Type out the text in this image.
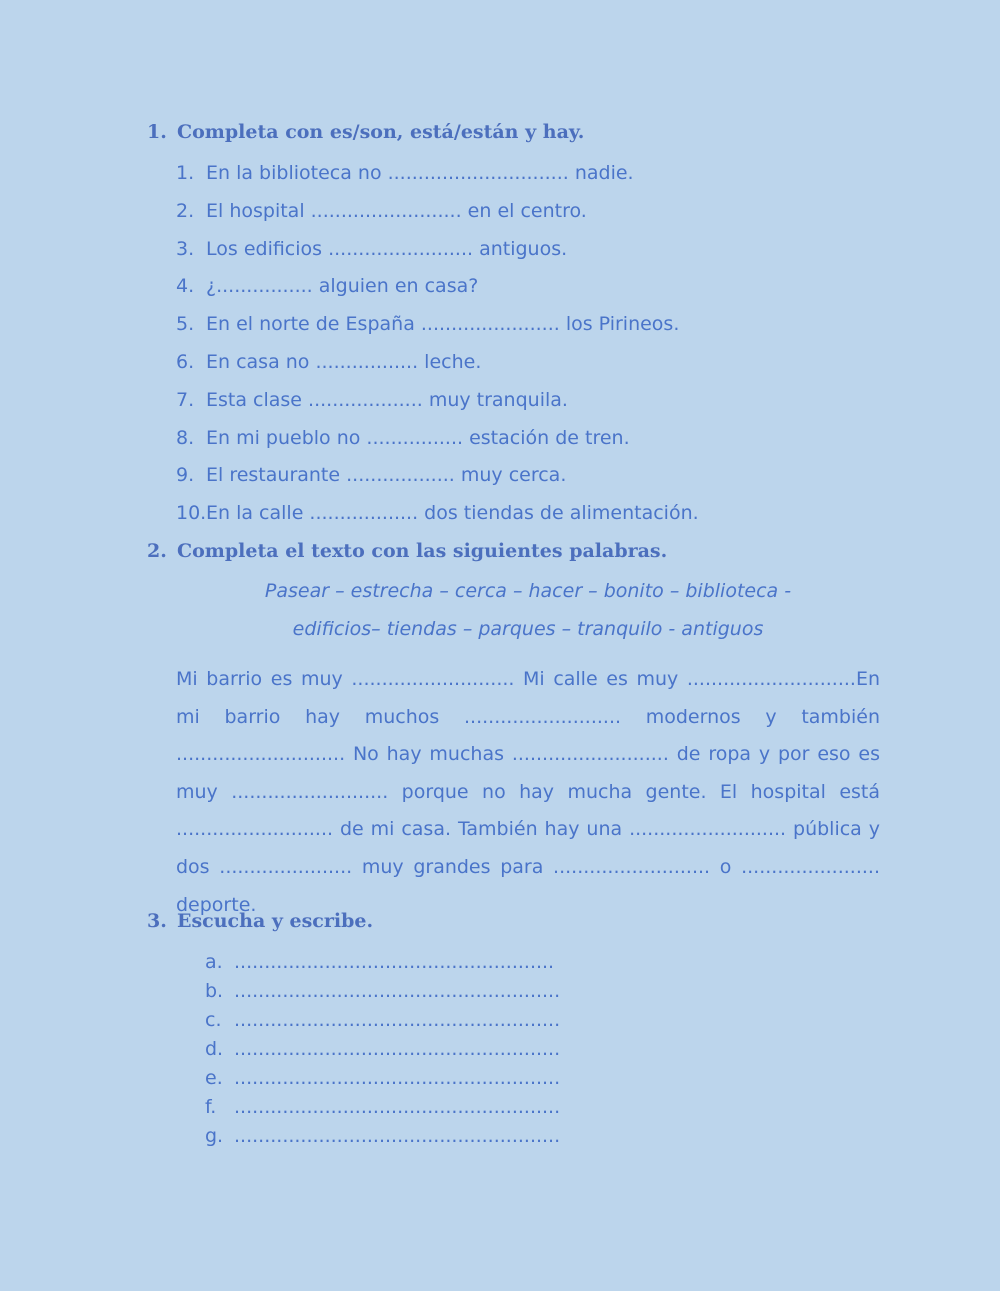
1. Completa con es/son, está/están y hay.
1. En la biblioteca no .............................. nadie.
2. El hospital ......................... en el centro.
3. Los edificios ........................ antiguos.
4. ¿................ alguien en casa?
5. En el norte de España ....................... los Pirineos.
6. En casa no ................. leche.
7. Esta clase ................... muy tranquila.
8. En mi pueblo no ................ estación de tren.
9. El restaurante .................. muy cerca.
10.En la calle .................. dos tiendas de alimentación.
2. Completa el texto con las siguientes palabras.
Pasear – estrecha – cerca – hacer – bonito – biblioteca -
edificios– tiendas – parques – tranquilo - antiguos

Mi barrio es muy ........................... Mi calle es muy ............................En mi barrio hay muchos .......................... modernos y también ............................ No hay muchas .......................... de ropa y por eso es muy .......................... porque no hay mucha gente. El hospital está .......................... de mi casa. También hay una .......................... pública y dos ...................... muy grandes para .......................... o ....................... deporte.

3. Escucha y escribe.
a. .....................................................
b. ......................................................
c. ......................................................
d. ......................................................
e. ......................................................
f. ......................................................
g. ......................................................
